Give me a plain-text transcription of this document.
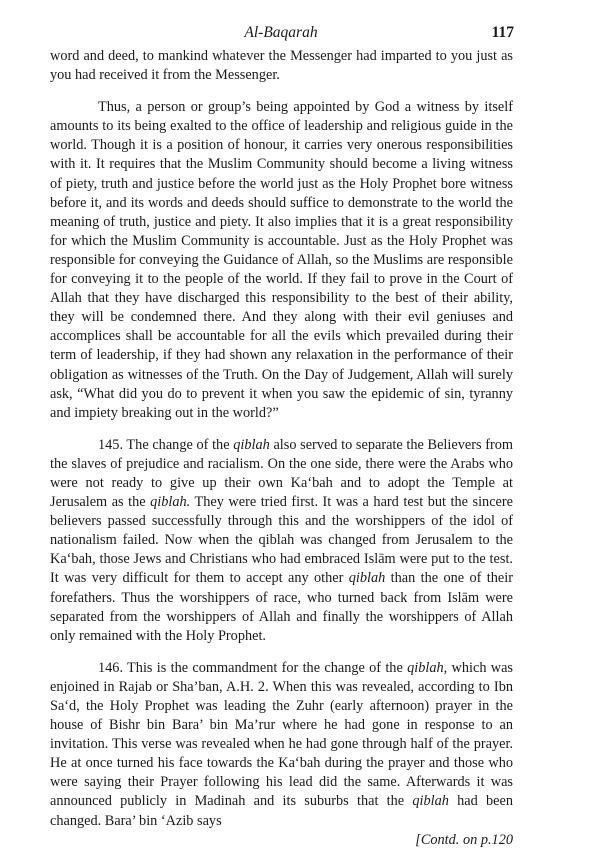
Al-Baqarah	117

word and deed, to mankind whatever the Messenger had imparted to you just as you had received it from the Messenger.

Thus, a person or group’s being appointed by God a witness by itself amounts to its being exalted to the office of leadership and religious guide in the world. Though it is a position of honour, it carries very onerous responsibilities with it. It requires that the Muslim Community should become a living witness of piety, truth and justice before the world just as the Holy Prophet bore witness before it, and its words and deeds should suffice to demonstrate to the world the meaning of truth, justice and piety. It also implies that it is a great responsibility for which the Muslim Community is accountable. Just as the Holy Prophet was responsible for conveying the Guidance of Allah, so the Muslims are responsible for conveying it to the people of the world. If they fail to prove in the Court of Allah that they have discharged this responsibility to the best of their ability, they will be condemned there. And they along with their evil geniuses and accomplices shall be accountable for all the evils which prevailed during their term of leadership, if they had shown any relaxation in the performance of their obligation as witnesses of the Truth. On the Day of Judgement, Allah will surely ask, “What did you do to prevent it when you saw the epidemic of sin, tyranny and impiety breaking out in the world?”

145. The change of the qiblah also served to separate the Believers from the slaves of prejudice and racialism. On the one side, there were the Arabs who were not ready to give up their own Ka‘bah and to adopt the Temple at Jerusalem as the qiblah. They were tried first. It was a hard test but the sincere believers passed successfully through this and the worshippers of the idol of nationalism failed. Now when the qiblah was changed from Jerusalem to the Ka‘bah, those Jews and Christians who had embraced Islām were put to the test. It was very difficult for them to accept any other qiblah than the one of their forefathers. Thus the worshippers of race, who turned back from Islām were separated from the worshippers of Allah and finally the worshippers of Allah only remained with the Holy Prophet.

146. This is the commandment for the change of the qiblah, which was enjoined in Rajab or Sha’ban, A.H. 2. When this was revealed, according to Ibn Sa‘d, the Holy Prophet was leading the Zuhr (early afternoon) prayer in the house of Bishr bin Bara’ bin Ma’rur where he had gone in response to an invitation. This verse was revealed when he had gone through half of the prayer. He at once turned his face towards the Ka‘bah during the prayer and those who were saying their Prayer following his lead did the same. Afterwards it was announced publicly in Madinah and its suburbs that the qiblah had been changed. Bara’ bin ‘Azib says

[Contd. on p.120
